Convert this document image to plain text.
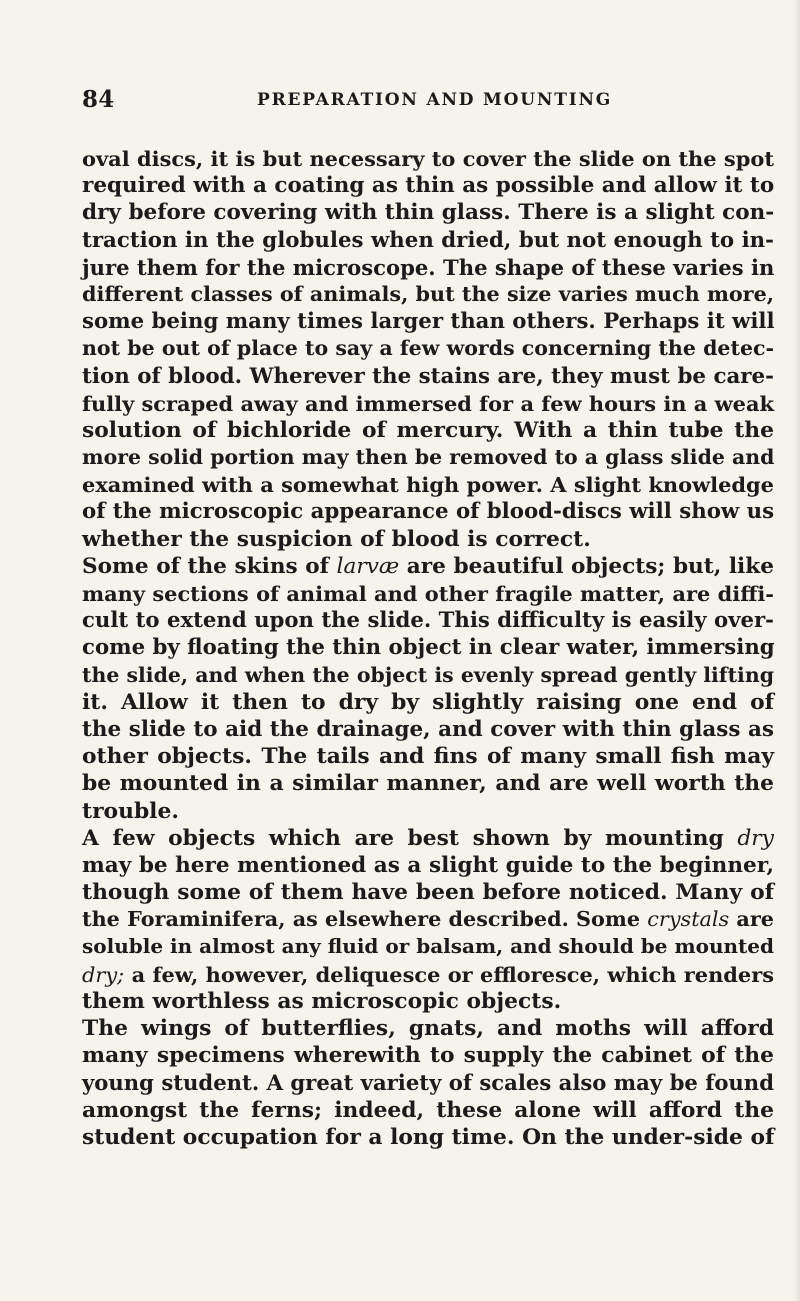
84	PREPARATION AND MOUNTING
oval discs, it is but necessary to cover the slide on the spot
required with a coating as thin as possible and allow it to
dry before covering with thin glass. There is a slight con-
traction in the globules when dried, but not enough to in-
jure them for the microscope. The shape of these varies in
different classes of animals, but the size varies much more,
some being many times larger than others. Perhaps it will
not be out of place to say a few words concerning the detec-
tion of blood. Wherever the stains are, they must be care-
fully scraped away and immersed for a few hours in a weak
solution of bichloride of mercury. With a thin tube the
more solid portion may then be removed to a glass slide and
examined with a somewhat high power. A slight knowledge
of the microscopic appearance of blood-discs will show us
whether the suspicion of blood is correct.
Some of the skins of larvæ are beautiful objects; but, like
many sections of animal and other fragile matter, are diffi-
cult to extend upon the slide. This difficulty is easily over-
come by floating the thin object in clear water, immersing
the slide, and when the object is evenly spread gently lifting
it. Allow it then to dry by slightly raising one end of
the slide to aid the drainage, and cover with thin glass as
other objects. The tails and fins of many small fish may
be mounted in a similar manner, and are well worth the
trouble.
A few objects which are best shown by mounting dry
may be here mentioned as a slight guide to the beginner,
though some of them have been before noticed. Many of
the Foraminifera, as elsewhere described. Some crystals are
soluble in almost any fluid or balsam, and should be mounted
dry; a few, however, deliquesce or effloresce, which renders
them worthless as microscopic objects.
The wings of butterflies, gnats, and moths will afford
many specimens wherewith to supply the cabinet of the
young student. A great variety of scales also may be found
amongst the ferns; indeed, these alone will afford the
student occupation for a long time. On the under-side of
